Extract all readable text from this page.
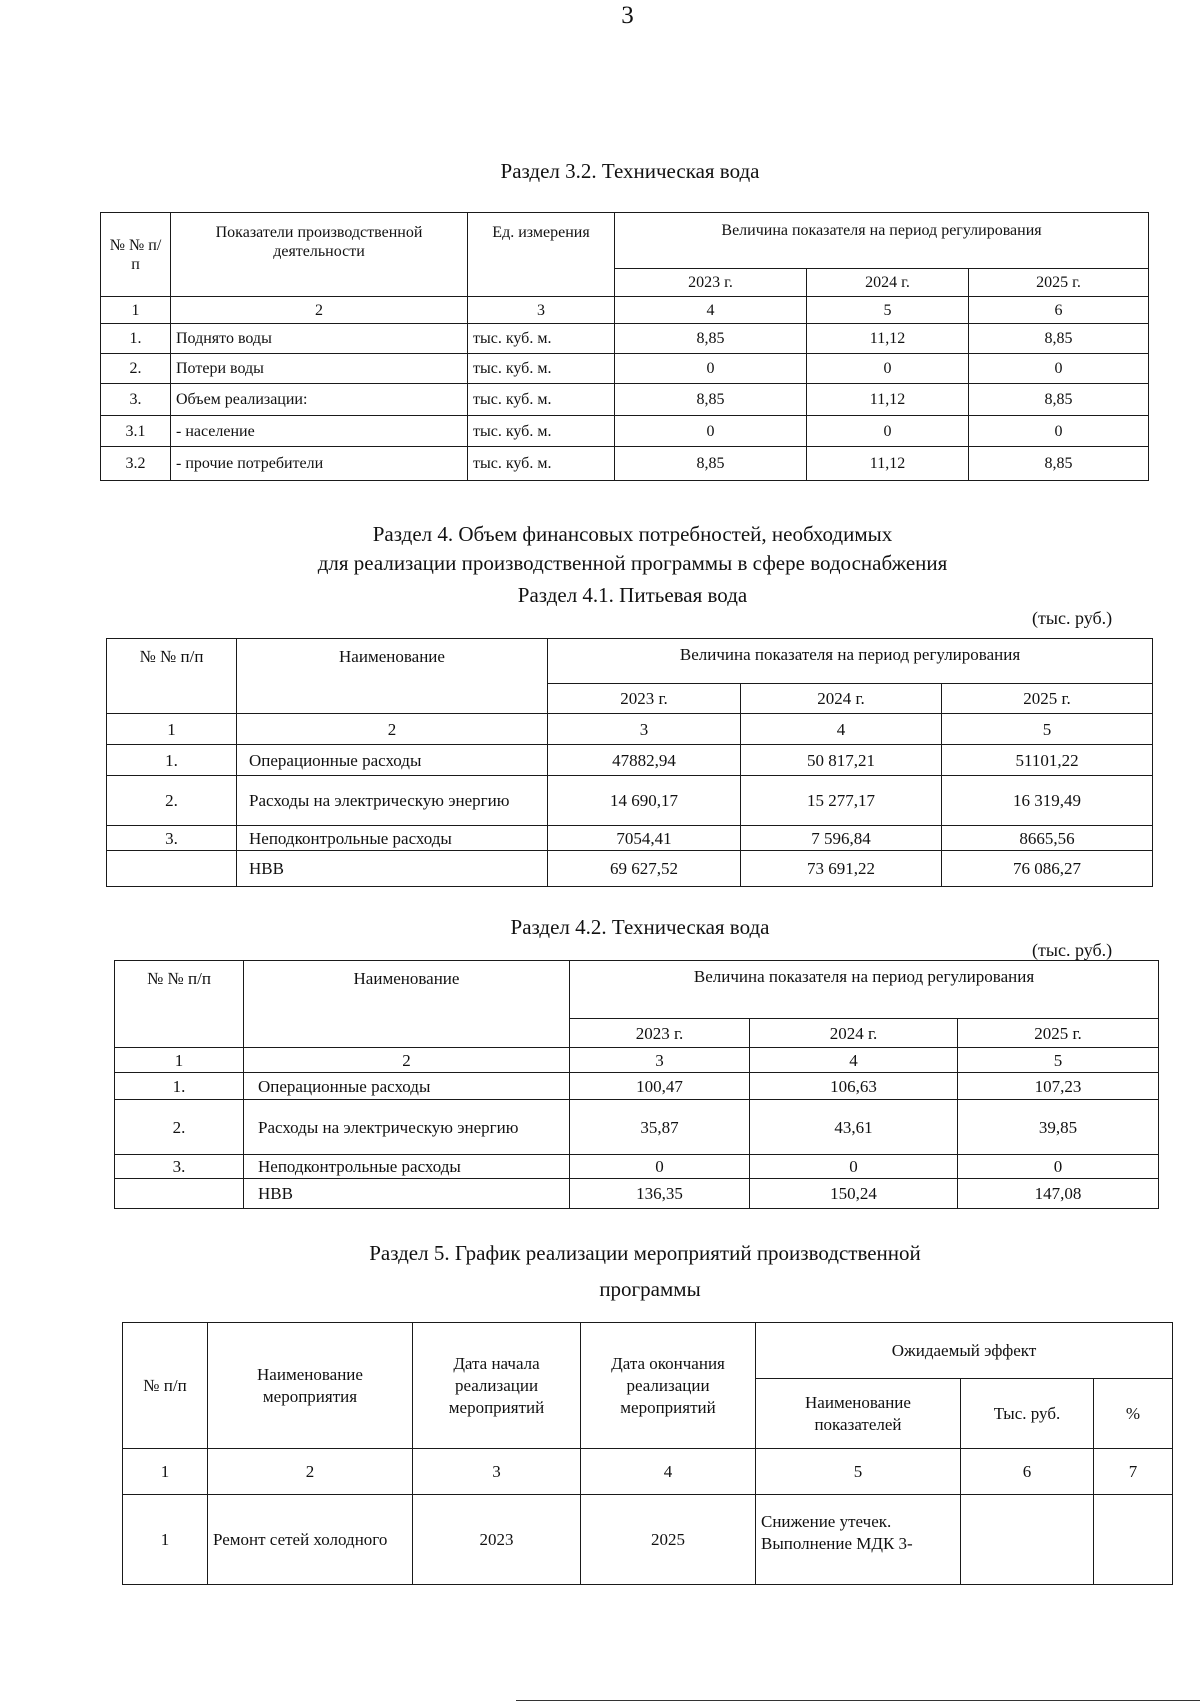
3
Раздел 3.2. Техническая вода
№ № п/п	Показатели производственной деятельности	Ед. измерения	Величина показателя на период регулирования		
			2023 г.	2024 г.	2025 г.
1	2	3	4	5	6
1.	Поднято воды	тыс. куб. м.	8,85	11,12	8,85
2.	Потери воды	тыс. куб. м.	0	0	0
3.	Объем реализации:	тыс. куб. м.	8,85	11,12	8,85
3.1	- население	тыс. куб. м.	0	0	0
3.2	- прочие потребители	тыс. куб. м.	8,85	11,12	8,85
Раздел 4. Объем финансовых потребностей, необходимых
для реализации производственной программы в сфере водоснабжения
Раздел 4.1. Питьевая вода
(тыс. руб.)
№ № п/п	Наименование	Величина показателя на период регулирования		
		2023 г.	2024 г.	2025 г.
1	2	3	4	5
1.	Операционные расходы	47882,94	50 817,21	51101,22
2.	Расходы на электрическую энергию	14 690,17	15 277,17	16 319,49
3.	Неподконтрольные расходы	7054,41	7 596,84	8665,56
	НВВ	69 627,52	73 691,22	76 086,27
Раздел 4.2. Техническая вода
(тыс. руб.)
№ № п/п	Наименование	Величина показателя на период регулирования		
		2023 г.	2024 г.	2025 г.
1	2	3	4	5
1.	Операционные расходы	100,47	106,63	107,23
2.	Расходы на электрическую энергию	35,87	43,61	39,85
3.	Неподконтрольные расходы	0	0	0
	НВВ	136,35	150,24	147,08
Раздел 5. График реализации мероприятий производственной
программы
№ п/п	Наименование мероприятия	Дата начала реализации мероприятий	Дата окончания реализации мероприятий	Ожидаемый эффект		
				Наименование показателей	Тыс. руб.	%
1	2	3	4	5	6	7
1	Ремонт сетей холодного	2023	2025	Снижение утечек. Выполнение МДК 3-		
